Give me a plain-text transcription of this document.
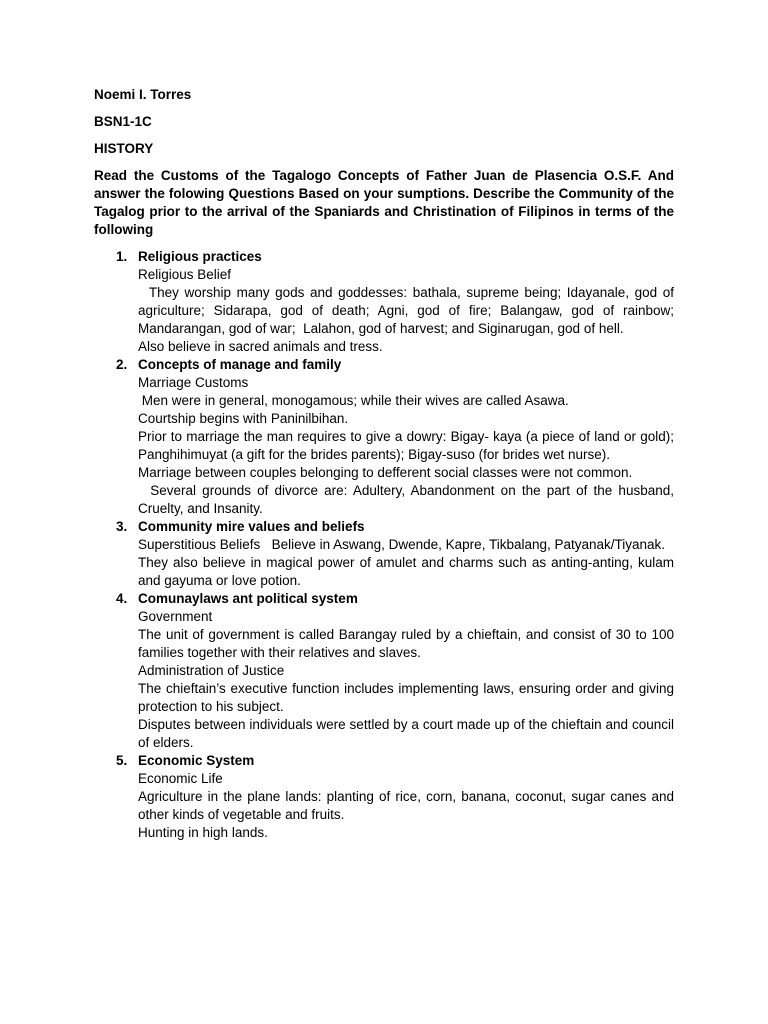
Noemi I. Torres
BSN1-1C
HISTORY
Read the Customs of the Tagalogo Concepts of Father Juan de Plasencia O.S.F. And answer the folowing Questions Based on your sumptions. Describe the Community of the Tagalog prior to the arrival of the Spaniards and Christination of Filipinos in terms of the following
1. Religious practices
Religious Belief
They worship many gods and goddesses: bathala, supreme being; Idayanale, god of agriculture; Sidarapa, god of death; Agni, god of fire; Balangaw, god of rainbow; Mandarangan, god of war;  Lalahon, god of harvest; and Siginarugan, god of hell.
Also believe in sacred animals and tress.
2. Concepts of manage and family
Marriage Customs
Men were in general, monogamous; while their wives are called Asawa.
Courtship begins with Paninilbihan.
Prior to marriage the man requires to give a dowry: Bigay- kaya (a piece of land or gold); Panghihimuyat (a gift for the brides parents); Bigay-suso (for brides wet nurse).
Marriage between couples belonging to defferent social classes were not common.
Several grounds of divorce are: Adultery, Abandonment on the part of the husband, Cruelty, and Insanity.
3. Community mire values and beliefs
Superstitious Beliefs   Believe in Aswang, Dwende, Kapre, Tikbalang, Patyanak/Tiyanak.
They also believe in magical power of amulet and charms such as anting-anting, kulam and gayuma or love potion.
4. Comunaylaws ant political system
Government
The unit of government is called Barangay ruled by a chieftain, and consist of 30 to 100 families together with their relatives and slaves.
Administration of Justice
The chieftain’s executive function includes implementing laws, ensuring order and giving protection to his subject.
Disputes between individuals were settled by a court made up of the chieftain and council of elders.
5. Economic System
Economic Life
Agriculture in the plane lands: planting of rice, corn, banana, coconut, sugar canes and other kinds of vegetable and fruits.
Hunting in high lands.
